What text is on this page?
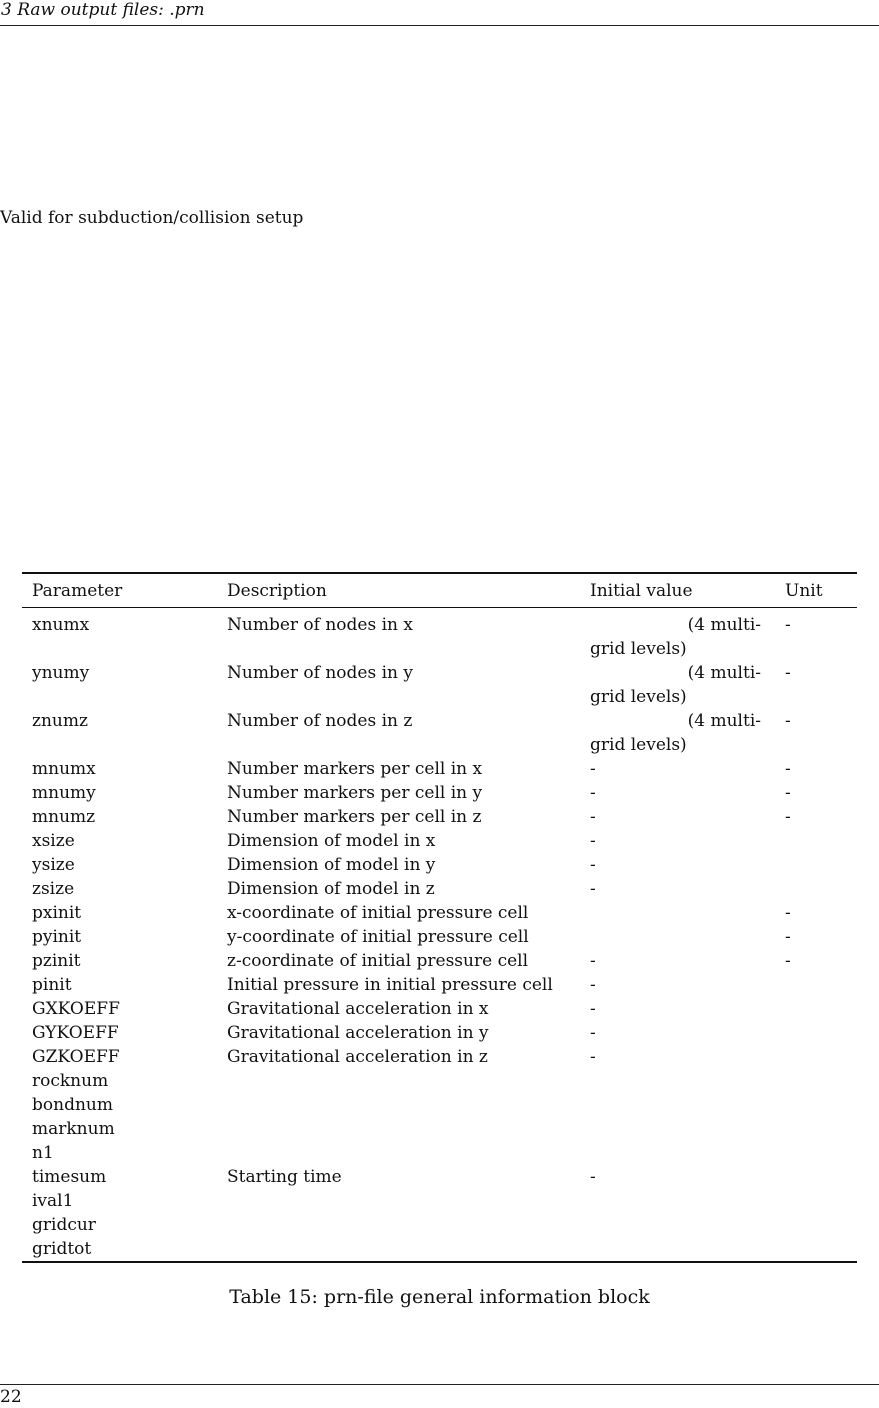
3 Raw output files: .prn
Valid for subduction/collision setup
Parameter	Description	Initial value	Unit
xnumx	Number of nodes in x	(4 multi-
grid levels)	-
ynumy	Number of nodes in y	(4 multi-
grid levels)	-
znumz	Number of nodes in z	(4 multi-
grid levels)	-
mnumx	Number markers per cell in x	-	-
mnumy	Number markers per cell in y	-	-
mnumz	Number markers per cell in z	-	-
xsize	Dimension of model in x	-	
ysize	Dimension of model in y	-	
zsize	Dimension of model in z	-	
pxinit	x-coordinate of initial pressure cell		-
pyinit	y-coordinate of initial pressure cell		-
pzinit	z-coordinate of initial pressure cell	-	-
pinit	Initial pressure in initial pressure cell	-	
GXKOEFF	Gravitational acceleration in x	-	
GYKOEFF	Gravitational acceleration in y	-	
GZKOEFF	Gravitational acceleration in z	-	
rocknum			
bondnum			
marknum			
n1			
timesum	Starting time	-	
ival1			
gridcur			
gridtot			
Table 15: prn-file general information block
22
